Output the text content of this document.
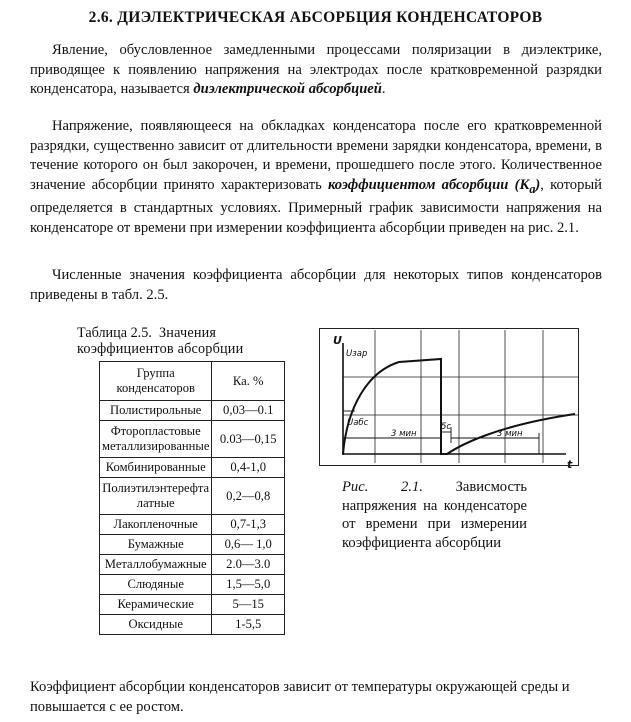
2.6. ДИЭЛЕКТРИЧЕСКАЯ АБСОРБЦИЯ КОНДЕНСАТОРОВ

Явление, обусловленное замедленными процессами поляризации в диэлектрике, приводящее к появлению напряжения на электродах после кратковременной разрядки конденсатора, называется диэлектрической абсорбцией.

Напряжение, появляющееся на обкладках конденсатора после его кратковременной разрядки, существенно зависит от длительности времени зарядки конденсатора, времени, в течение которого он был закорочен, и времени, прошедшего после этого. Количественное значение абсорбции принято характеризовать коэффициентом абсорбции $(К_а)$, который определяется в стандартных условиях. Примерный график зависимости напряжения на конденсаторе от времени при измерении коэффициента абсорбции приведен на рис. 2.1.

Численные значения коэффициента абсорбции для некоторых типов конденсаторов приведены в табл. 2.5.

Таблица 2.5. Значения коэффициентов абсорбции
Группа конденсаторов	Ка. %
Полистирольные	0,03—0.1
Фторопластовые металлизированные	0.03—0,15
Комбинированные	0,4-1,0
Полиэтилэнтерефта латные	0,2—0,8
Лакопленочные	0,7-1,3
Бумажные	0,6— 1,0
Металлобумажные	2.0—3.0
Слюдяные	1,5—5,0
Керамические	5—15
Оксидные	1-5,5
U
t
Uзар
Uабс
3 мин
5с
3 мин
Рис. 2.1. Зависмость напряжения на конденсаторе от времени при измерении коэффициента абсорбции

Коэффициент абсорбции конденсаторов зависит от температуры окружающей среды и повышается с ее ростом.
